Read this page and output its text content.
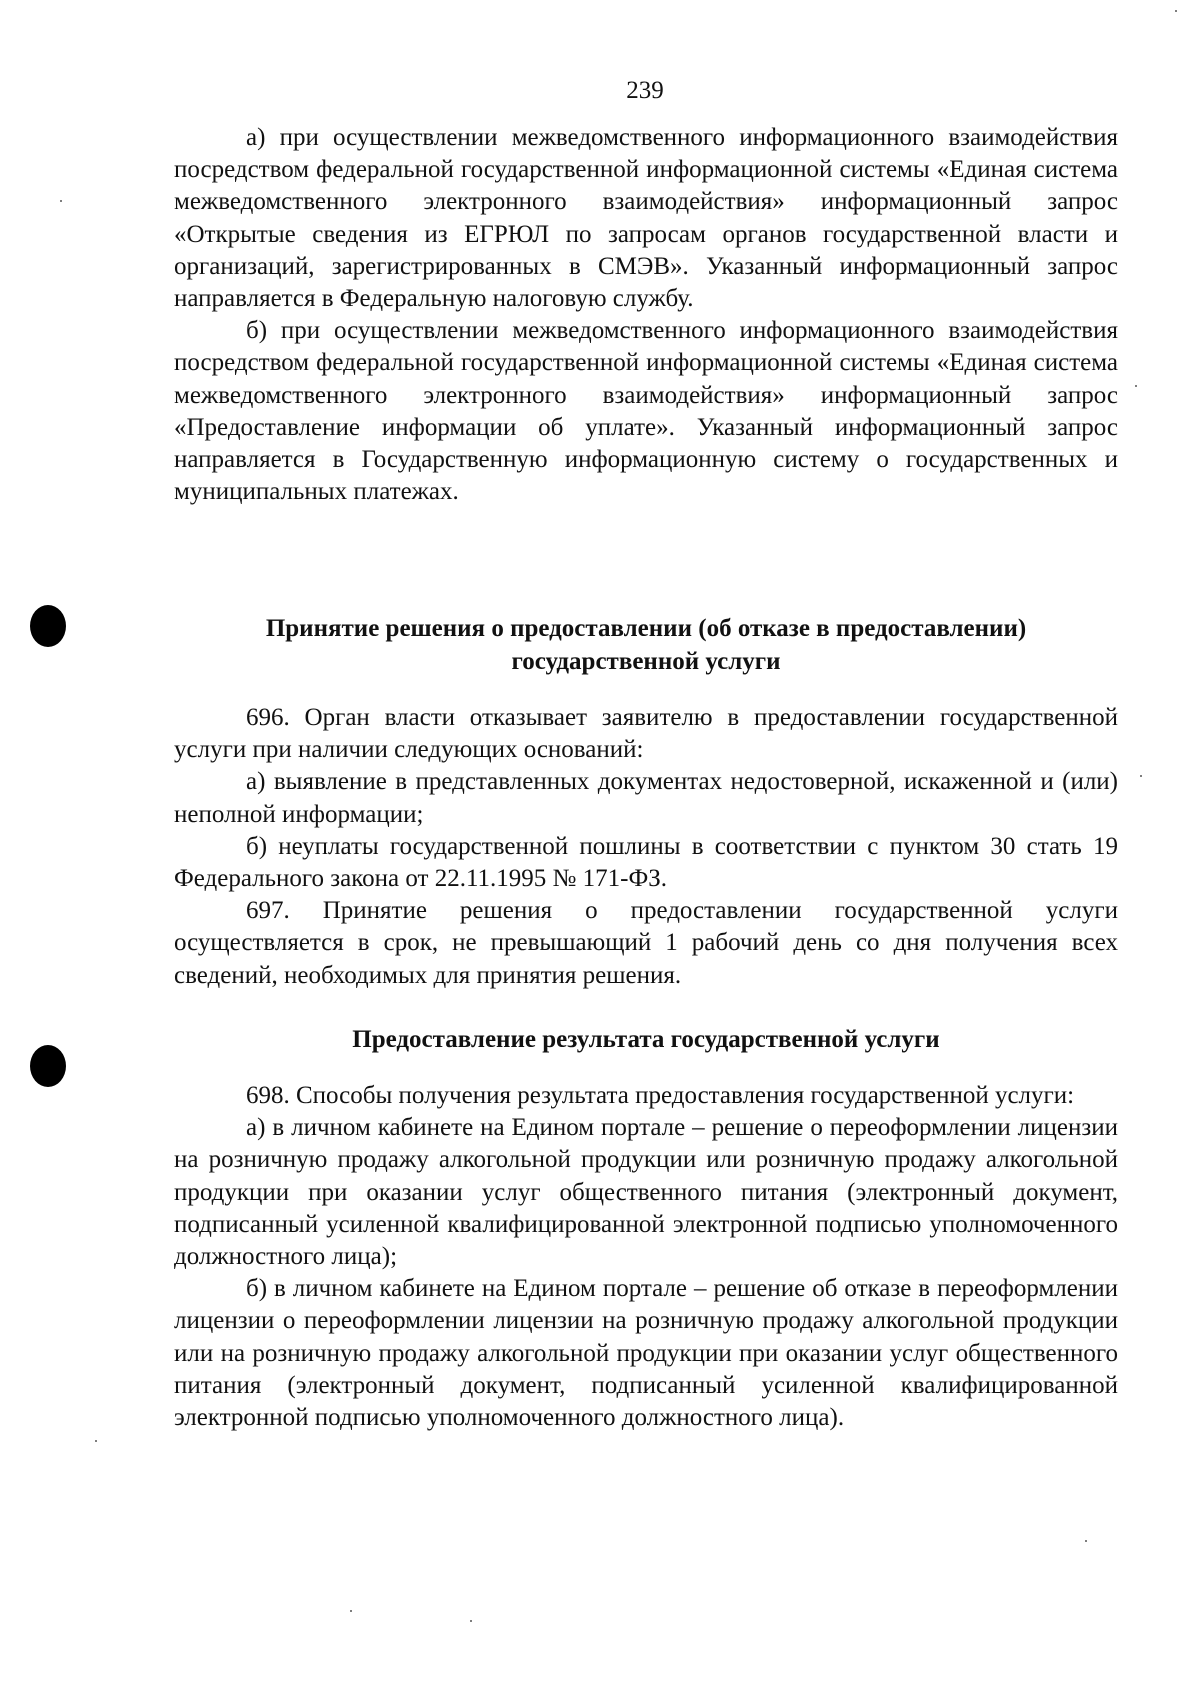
239

а) при осуществлении межведомственного информационного взаимодействия посредством федеральной государственной информационной системы «Единая система межведомственного электронного взаимодействия» информационный запрос «Открытые сведения из ЕГРЮЛ по запросам органов государственной власти и организаций, зарегистрированных в СМЭВ». Указанный информационный запрос направляется в Федеральную налоговую службу.

б) при осуществлении межведомственного информационного взаимодействия посредством федеральной государственной информационной системы «Единая система межведомственного электронного взаимодействия» информационный запрос «Предоставление информации об уплате». Указанный информационный запрос направляется в Государственную информационную систему о государственных и муниципальных платежах.

Принятие решения о предоставлении (об отказе в предоставлении) государственной услуги

696. Орган власти отказывает заявителю в предоставлении государственной услуги при наличии следующих оснований:

а) выявление в представленных документах недостоверной, искаженной и (или) неполной информации;

б) неуплаты государственной пошлины в соответствии с пунктом 30 стать 19 Федерального закона от 22.11.1995 № 171-ФЗ.

697. Принятие решения о предоставлении государственной услуги осуществляется в срок, не превышающий 1 рабочий день со дня получения всех сведений, необходимых для принятия решения.

Предоставление результата государственной услуги

698. Способы получения результата предоставления государственной услуги:

а) в личном кабинете на Едином портале – решение о переоформлении лицензии на розничную продажу алкогольной продукции или розничную продажу алкогольной продукции при оказании услуг общественного питания (электронный документ, подписанный усиленной квалифицированной электронной подписью уполномоченного должностного лица);

б) в личном кабинете на Едином портале – решение об отказе в переоформлении лицензии о переоформлении лицензии на розничную продажу алкогольной продукции или на розничную продажу алкогольной продукции при оказании услуг общественного питания (электронный документ, подписанный усиленной квалифицированной электронной подписью уполномоченного должностного лица).
